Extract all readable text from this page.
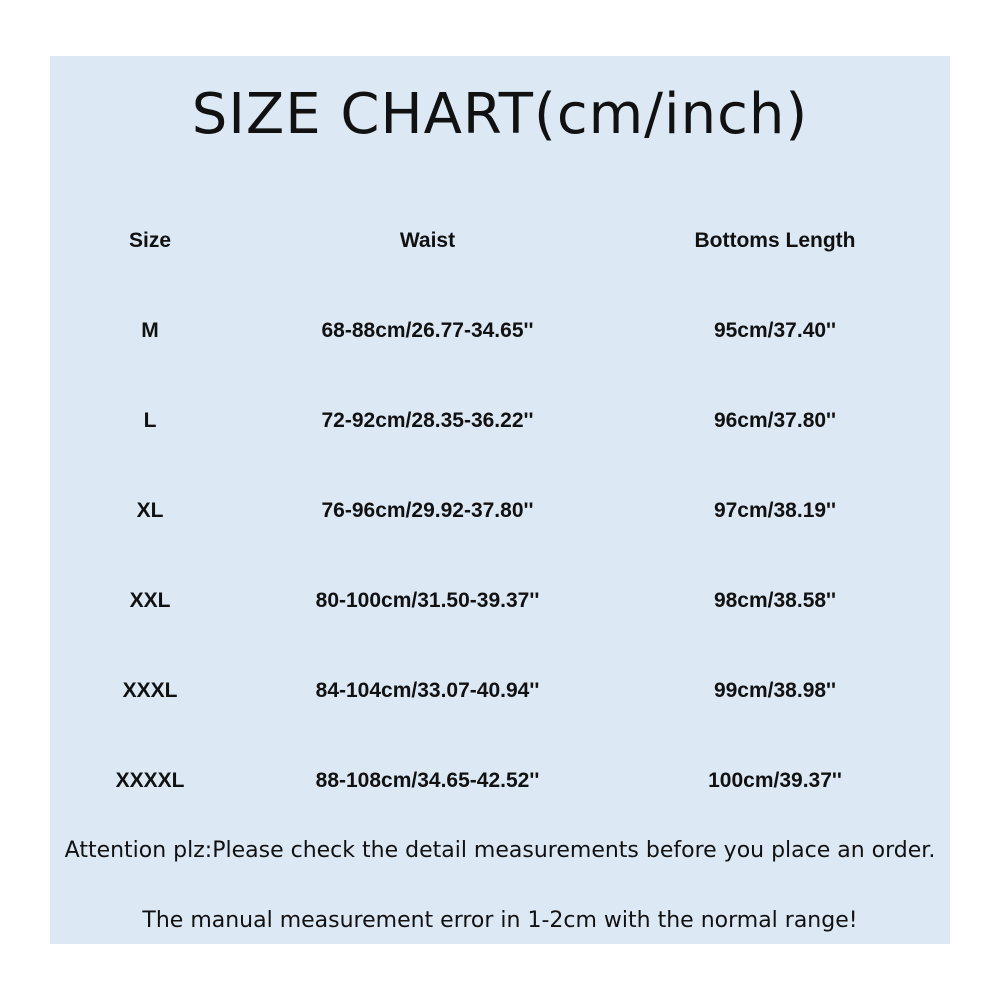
SIZE CHART(cm/inch)
Size	Waist	Bottoms Length
M	68-88cm/26.77-34.65''	95cm/37.40''
L	72-92cm/28.35-36.22''	96cm/37.80''
XL	76-96cm/29.92-37.80''	97cm/38.19''
XXL	80-100cm/31.50-39.37''	98cm/38.58''
XXXL	84-104cm/33.07-40.94''	99cm/38.98''
XXXXL	88-108cm/34.65-42.52''	100cm/39.37''
Attention plz:Please check the detail measurements before you place an order.
The manual measurement error in 1-2cm with the normal range!
